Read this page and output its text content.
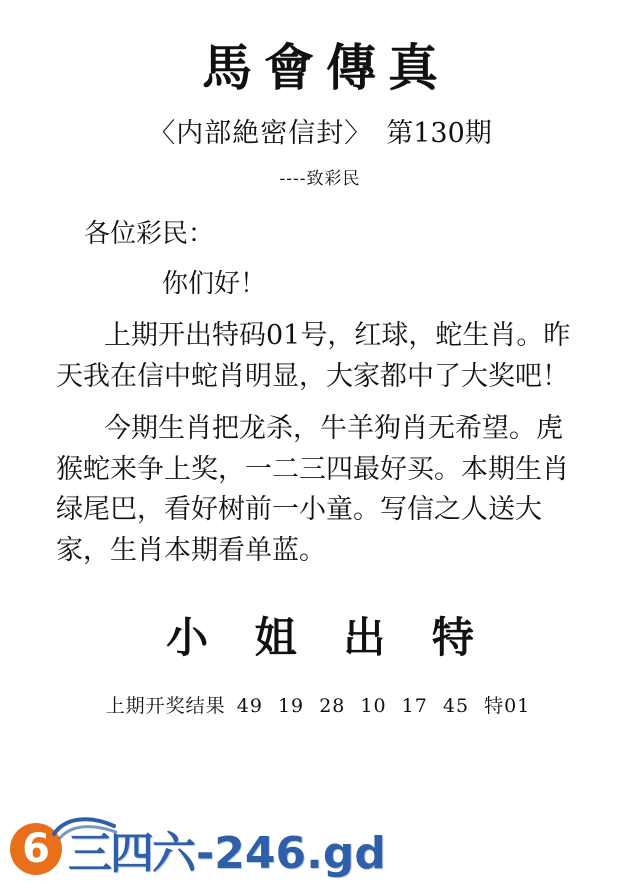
馬會傳真
〈内部絶密信封〉 第130期
----致彩民
各位彩民：
你们好！
上期开出特码01号，红球，蛇生肖。昨天我在信中蛇肖明显，大家都中了大奖吧！
今期生肖把龙杀，牛羊狗肖无希望。虎猴蛇来争上奖，一二三四最好买。本期生肖绿尾巴，看好树前一小童。写信之人送大家，生肖本期看单蓝。
小 姐 出 特
上期开奖结果 49 19 28 10 17 45 特01
6 三四六-246.gd
